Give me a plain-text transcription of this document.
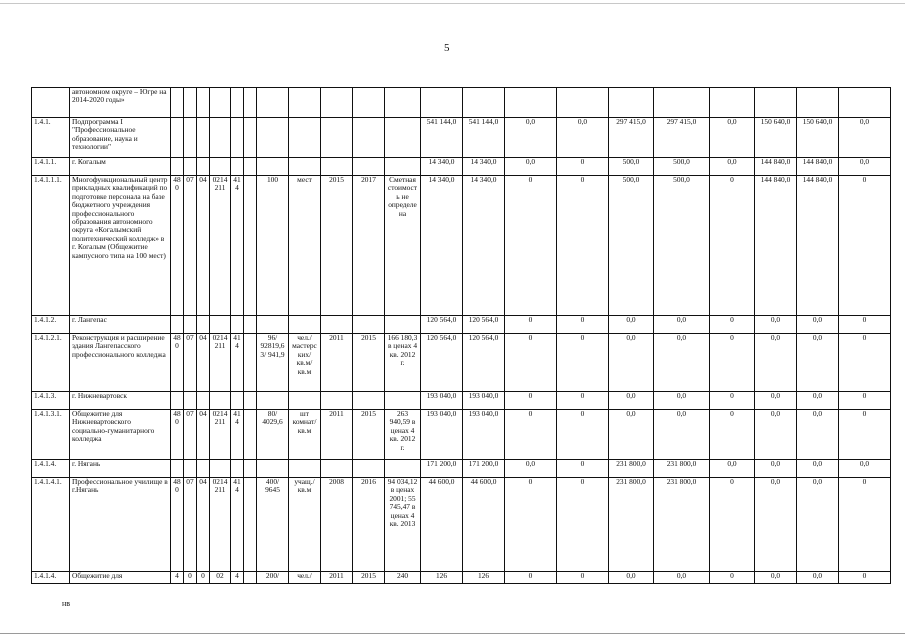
5
	автономном округе – Югре на 2014-2020 годы»																					
1.4.1.	Подпрограмма I "Профессиональное образование, наука и технологии"												541 144,0	541 144,0	0,0	0,0	297 415,0	297 415,0	0,0	150 640,0	150 640,0	0,0
1.4.1.1.	г. Когалым												14 340,0	14 340,0	0,0	0	500,0	500,0	0,0	144 840,0	144 840,0	0,0
1.4.1.1.1.	Многофункциональный центр прикладных квалификаций по подготовке персонала на базе бюджетного учреждения профессионального образования автономного округа «Когалымский политехнический колледж» в г. Когалым (Общежитие кампусного типа на 100 мест)	480	07	04	0214211	414		100	мест	2015	2017	Сметная стоимость не определена	14 340,0	14 340,0	0	0	500,0	500,0	0	144 840,0	144 840,0	0
1.4.1.2.	г. Лангепас												120 564,0	120 564,0	0	0	0,0	0,0	0	0,0	0,0	0
1.4.1.2.1.	Реконструкция и расширение здания Лангепасского профессионального колледжа	480	07	04	0214211	414		96/ 92819,63/ 941,9	чел./ мастерских/ кв.м/ кв.м	2011	2015	166 180,3 в ценах 4 кв. 2012 г.	120 564,0	120 564,0	0	0	0,0	0,0	0	0,0	0,0	0
1.4.1.3.	г. Нижневартовск												193 040,0	193 040,0	0	0	0,0	0,0	0	0,0	0,0	0
1.4.1.3.1.	Общежитие для Нижневартовского социально-гуманитарного колледжа	480	07	04	0214211	414		80/ 4029,6	шт комнат/ кв.м	2011	2015	263 940,59 в ценах 4 кв. 2012 г.	193 040,0	193 040,0	0	0	0,0	0,0	0	0,0	0,0	0
1.4.1.4.	г. Нягань												171 200,0	171 200,0	0,0	0	231 800,0	231 800,0	0,0	0,0	0,0	0,0
1.4.1.4.1.	Профессиональное училище в г.Нягань	480	07	04	0214211	414		400/ 9645	учащ./ кв.м	2008	2016	94 034,12 в ценах 2001; 55 745,47 в ценах 4 кв. 2013	44 600,0	44 600,0	0	0	231 800,0	231 800,0	0	0,0	0,0	0
1.4.1.4.	Общежитие для	4	0	0	02	4		200/	чел./	2011	2015	240	126	126	0	0	0,0	0,0	0	0,0	0,0	0
нв
